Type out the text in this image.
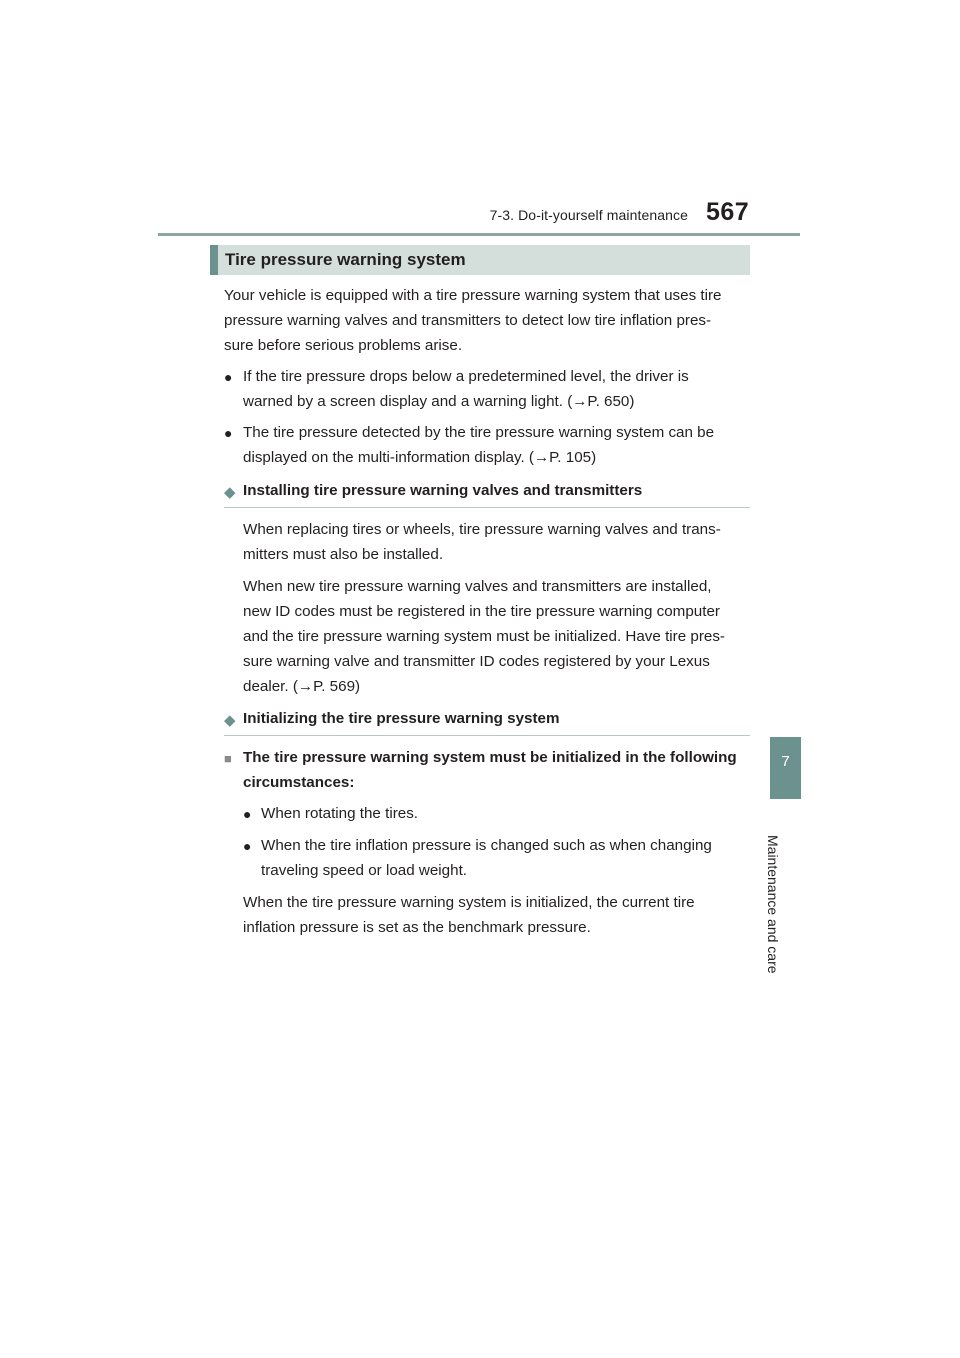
7-3. Do-it-yourself maintenance 567
7
Maintenance and care
Tire pressure warning system

Your vehicle is equipped with a tire pressure warning system that uses tire
pressure warning valves and transmitters to detect low tire inflation pres-
sure before serious problems arise.

● If the tire pressure drops below a predetermined level, the driver is
warned by a screen display and a warning light. (→P. 650)

● The tire pressure detected by the tire pressure warning system can be
displayed on the multi-information display. (→P. 105)

◆ Installing tire pressure warning valves and transmitters

When replacing tires or wheels, tire pressure warning valves and trans-
mitters must also be installed.

When new tire pressure warning valves and transmitters are installed,
new ID codes must be registered in the tire pressure warning computer
and the tire pressure warning system must be initialized. Have tire pres-
sure warning valve and transmitter ID codes registered by your Lexus
dealer. (→P. 569)

◆ Initializing the tire pressure warning system
■ The tire pressure warning system must be initialized in the following
circumstances:

● When rotating the tires.

● When the tire inflation pressure is changed such as when changing
traveling speed or load weight.

When the tire pressure warning system is initialized, the current tire
inflation pressure is set as the benchmark pressure.
